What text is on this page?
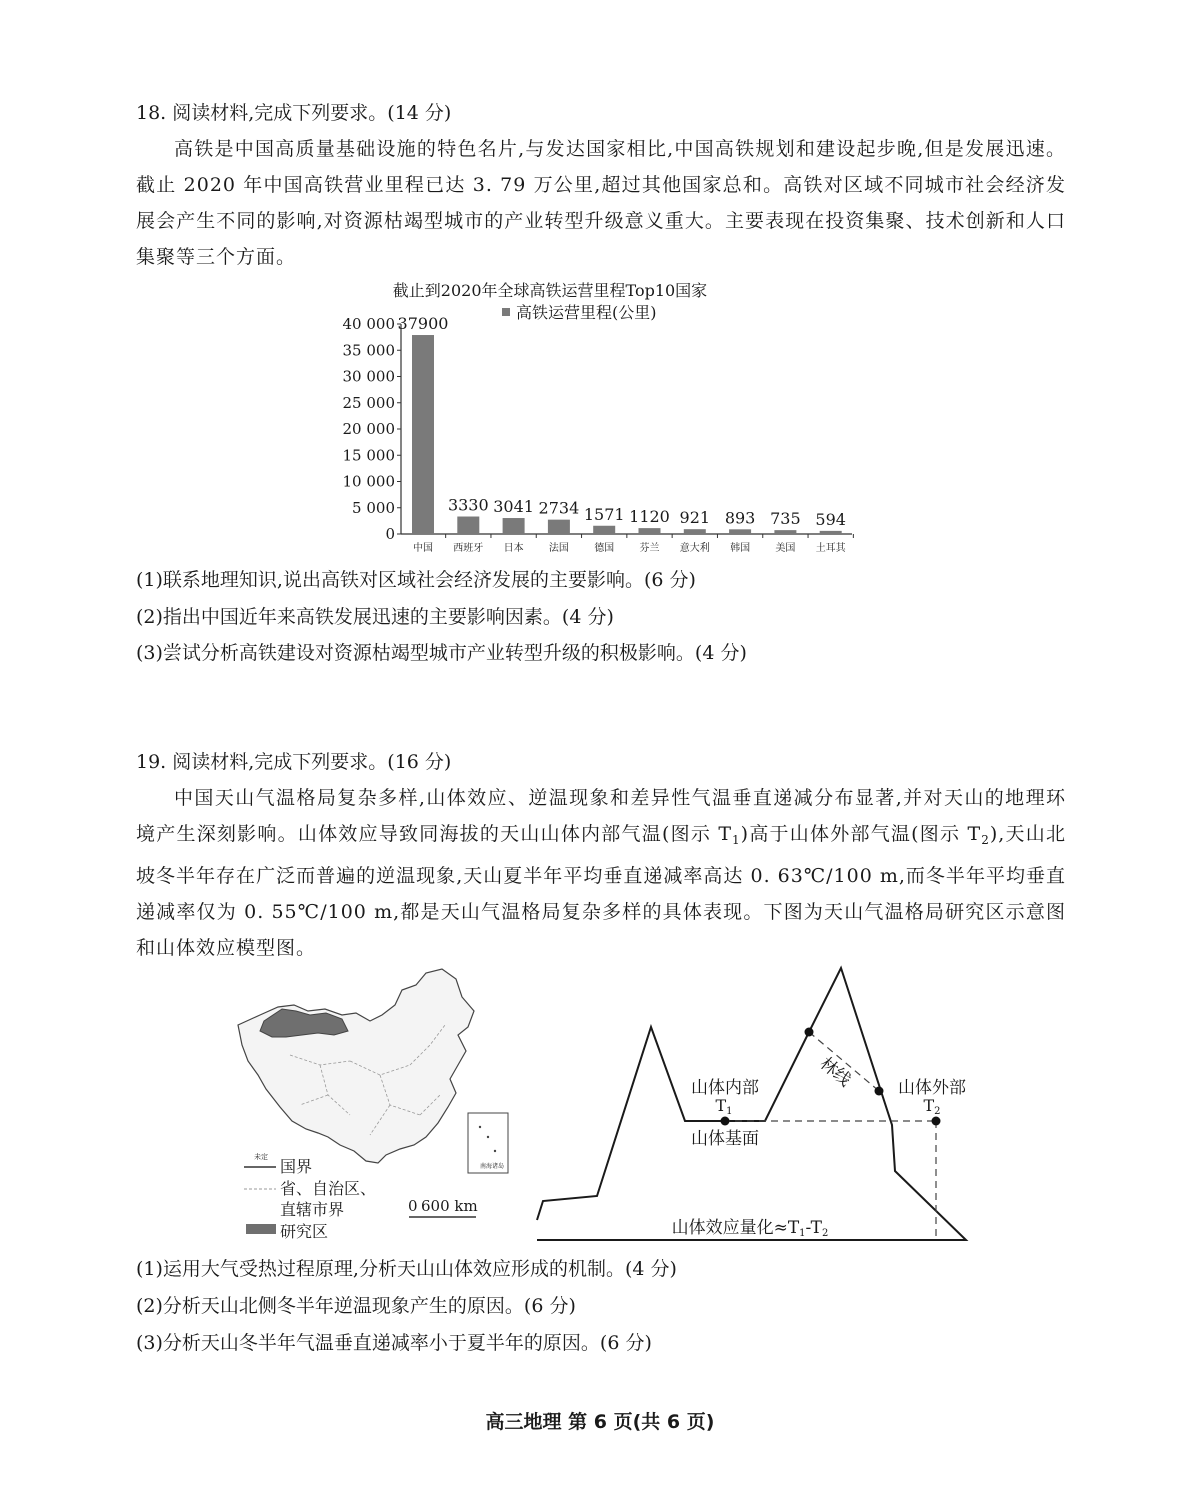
18. 阅读材料,完成下列要求。(14 分)
高铁是中国高质量基础设施的特色名片,与发达国家相比,中国高铁规划和建设起步晚,但是发展迅速。截止 2020 年中国高铁营业里程已达 3. 79 万公里,超过其他国家总和。高铁对区域不同城市社会经济发展会产生不同的影响,对资源枯竭型城市的产业转型升级意义重大。主要表现在投资集聚、技术创新和人口集聚等三个方面。
截止到2020年全球高铁运营里程Top10国家
高铁运营里程(公里)
0
5 000
10 000
15 000
20 000
25 000
30 000
35 000
40 000 37900
中国
3330
西班牙
3041
日本
2734
法国
1571
德国
1120
芬兰
921
意大利
893
韩国
735
美国
594
土耳其
(1)联系地理知识,说出高铁对区域社会经济发展的主要影响。(6 分)
(2)指出中国近年来高铁发展迅速的主要影响因素。(4 分)
(3)尝试分析高铁建设对资源枯竭型城市产业转型升级的积极影响。(4 分)
19. 阅读材料,完成下列要求。(16 分)
中国天山气温格局复杂多样,山体效应、逆温现象和差异性气温垂直递减分布显著,并对天山的地理环境产生深刻影响。山体效应导致同海拔的天山山体内部气温(图示 $T_1$)高于山体外部气温(图示 $T_2$),天山北坡冬半年存在广泛而普遍的逆温现象,天山夏半年平均垂直递减率高达 0. 63℃/100 m,而冬半年平均垂直递减率仅为 0. 55℃/100 m,都是天山气温格局复杂多样的具体表现。下图为天山气温格局研究区示意图和山体效应模型图。
南海诸岛
未定 国界
省、自治区、
直辖市界
研究区
0 600 km
山体内部
T1
山体外部
T2
山体基面
林线
山体效应量化≈T1-T2
(1)运用大气受热过程原理,分析天山山体效应形成的机制。(4 分)
(2)分析天山北侧冬半年逆温现象产生的原因。(6 分)
(3)分析天山冬半年气温垂直递减率小于夏半年的原因。(6 分)
高三地理 第 6 页(共 6 页)
